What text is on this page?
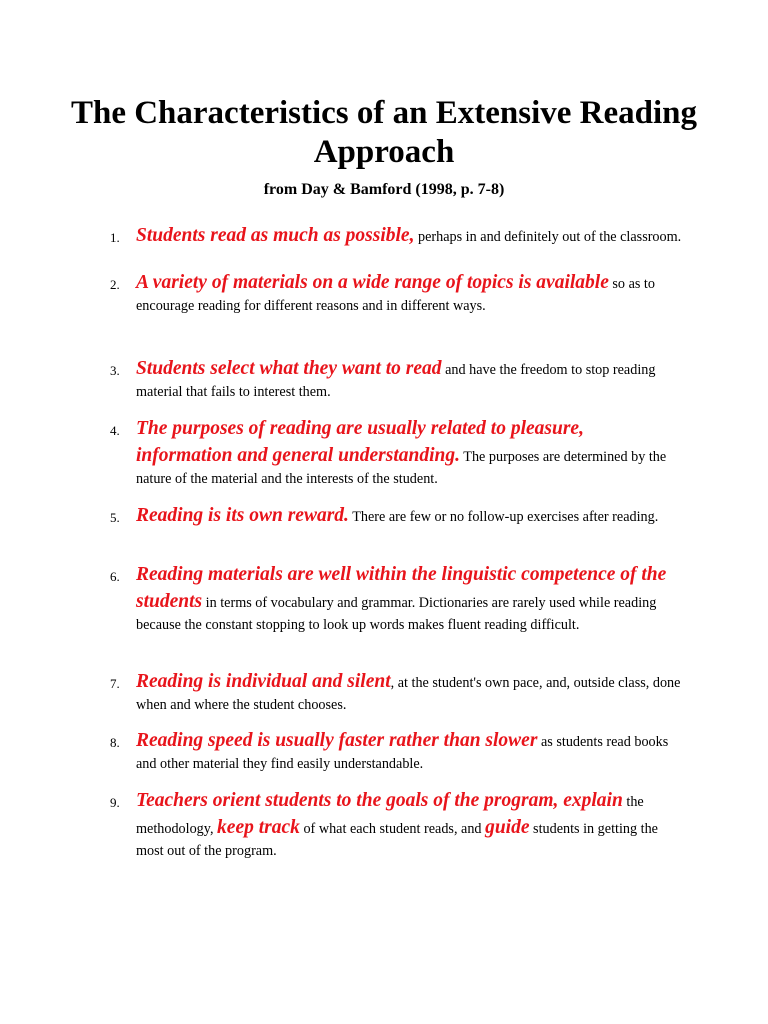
The Characteristics of an Extensive Reading Approach

from Day & Bamford (1998, p. 7-8)

1. Students read as much as possible, perhaps in and definitely out of the classroom.
2. A variety of materials on a wide range of topics is available so as to encourage reading for different reasons and in different ways.
3. Students select what they want to read and have the freedom to stop reading material that fails to interest them.
4. The purposes of reading are usually related to pleasure, information and general understanding. The purposes are determined by the nature of the material and the interests of the student.
5. Reading is its own reward. There are few or no follow-up exercises after reading.
6. Reading materials are well within the linguistic competence of the students in terms of vocabulary and grammar. Dictionaries are rarely used while reading because the constant stopping to look up words makes fluent reading difficult.
7. Reading is individual and silent, at the student's own pace, and, outside class, done when and where the student chooses.
8. Reading speed is usually faster rather than slower as students read books and other material they find easily understandable.
9. Teachers orient students to the goals of the program, explain the methodology, keep track of what each student reads, and guide students in getting the most out of the program.
